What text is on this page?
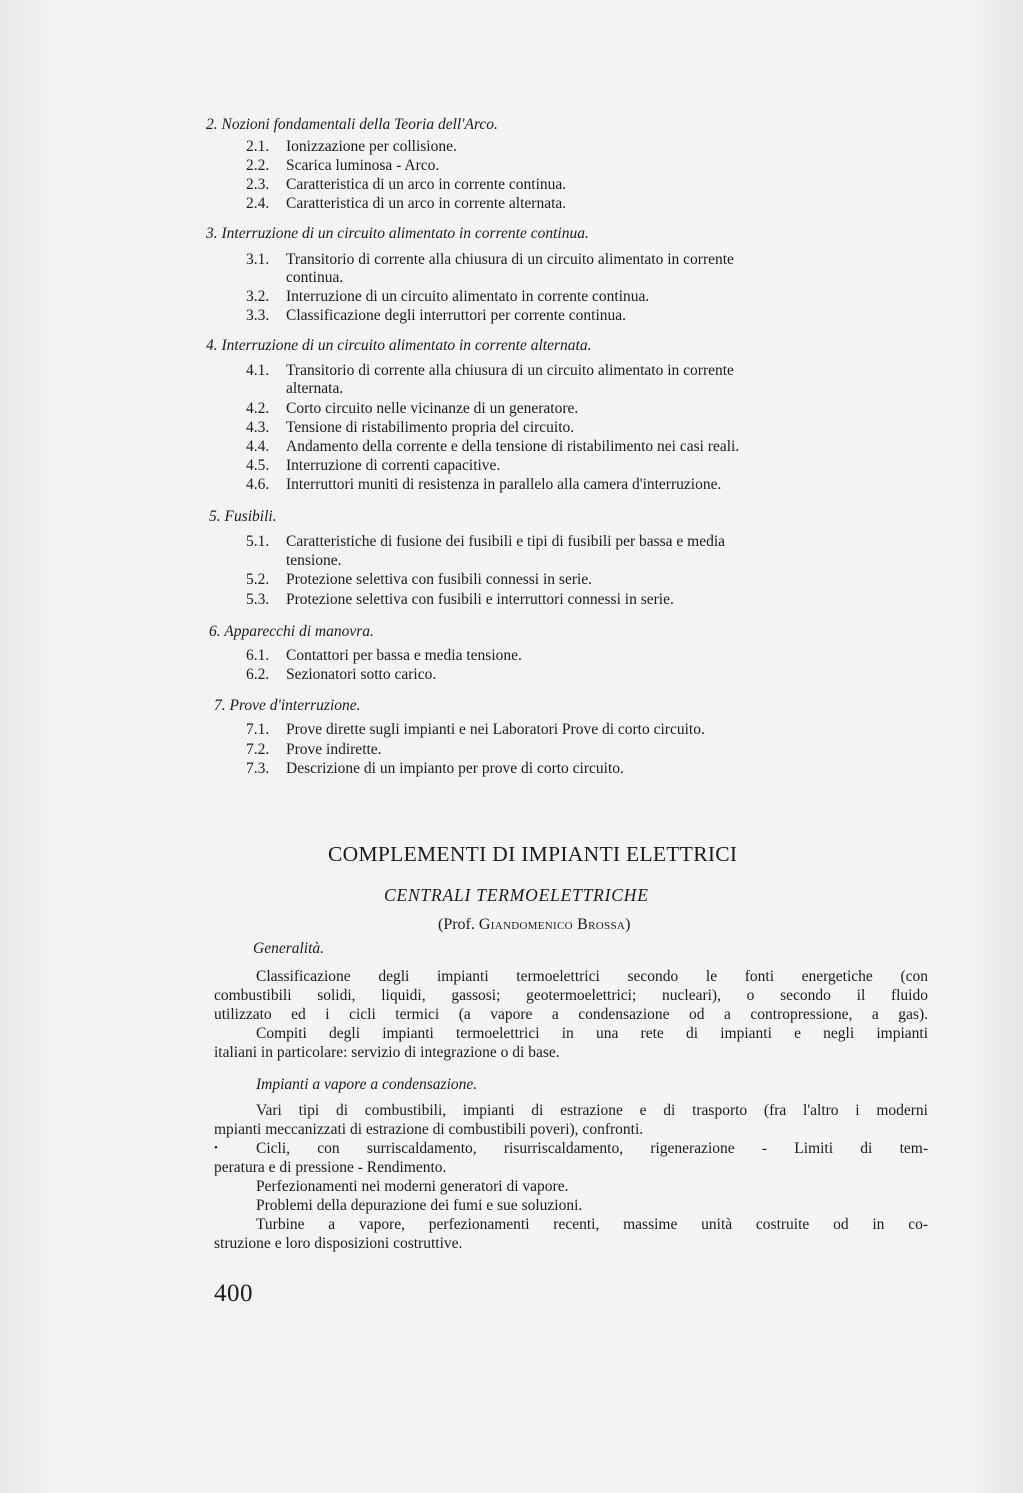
2. Nozioni fondamentali della Teoria dell'Arco.

2.1. Ionizzazione per collisione.

2.2. Scarica luminosa - Arco.

2.3. Caratteristica di un arco in corrente continua.

2.4. Caratteristica di un arco in corrente alternata.

3. Interruzione di un circuito alimentato in corrente continua.

3.1. Transitorio di corrente alla chiusura di un circuito alimentato in corrente

continua.

3.2. Interruzione di un circuito alimentato in corrente continua.

3.3. Classificazione degli interruttori per corrente continua.

4. Interruzione di un circuito alimentato in corrente alternata.

4.1. Transitorio di corrente alla chiusura di un circuito alimentato in corrente

alternata.

4.2. Corto circuito nelle vicinanze di un generatore.

4.3. Tensione di ristabilimento propria del circuito.

4.4. Andamento della corrente e della tensione di ristabilimento nei casi reali.

4.5. Interruzione di correnti capacitive.

4.6. Interruttori muniti di resistenza in parallelo alla camera d'interruzione.

5. Fusibili.

5.1. Caratteristiche di fusione dei fusibili e tipi di fusibili per bassa e media

tensione.

5.2. Protezione selettiva con fusibili connessi in serie.

5.3. Protezione selettiva con fusibili e interruttori connessi in serie.

6. Apparecchi di manovra.

6.1. Contattori per bassa e media tensione.

6.2. Sezionatori sotto carico.

7. Prove d'interruzione.

7.1. Prove dirette sugli impianti e nei Laboratori Prove di corto circuito.

7.2. Prove indirette.

7.3. Descrizione di un impianto per prove di corto circuito.

COMPLEMENTI DI IMPIANTI ELETTRICI
CENTRALI TERMOELETTRICHE
(Prof. Giandomenico Brossa)

Generalità.

Classificazione degli impianti termoelettrici secondo le fonti energetiche (con

combustibili solidi, liquidi, gassosi; geotermoelettrici; nucleari), o secondo il fluido

utilizzato ed i cicli termici (a vapore a condensazione od a contropressione, a gas).

Compiti degli impianti termoelettrici in una rete di impianti e negli impianti

italiani in particolare: servizio di integrazione o di base.

Impianti a vapore a condensazione.

Vari tipi di combustibili, impianti di estrazione e di trasporto (fra l'altro i moderni

mpianti meccanizzati di estrazione di combustibili poveri), confronti.

• Cicli, con surriscaldamento, risurriscaldamento, rigenerazione - Limiti di tem-

peratura e di pressione - Rendimento.

Perfezionamenti nei moderni generatori di vapore.

Problemi della depurazione dei fumi e sue soluzioni.

Turbine a vapore, perfezionamenti recenti, massime unità costruite od in co-

struzione e loro disposizioni costruttive.

400
